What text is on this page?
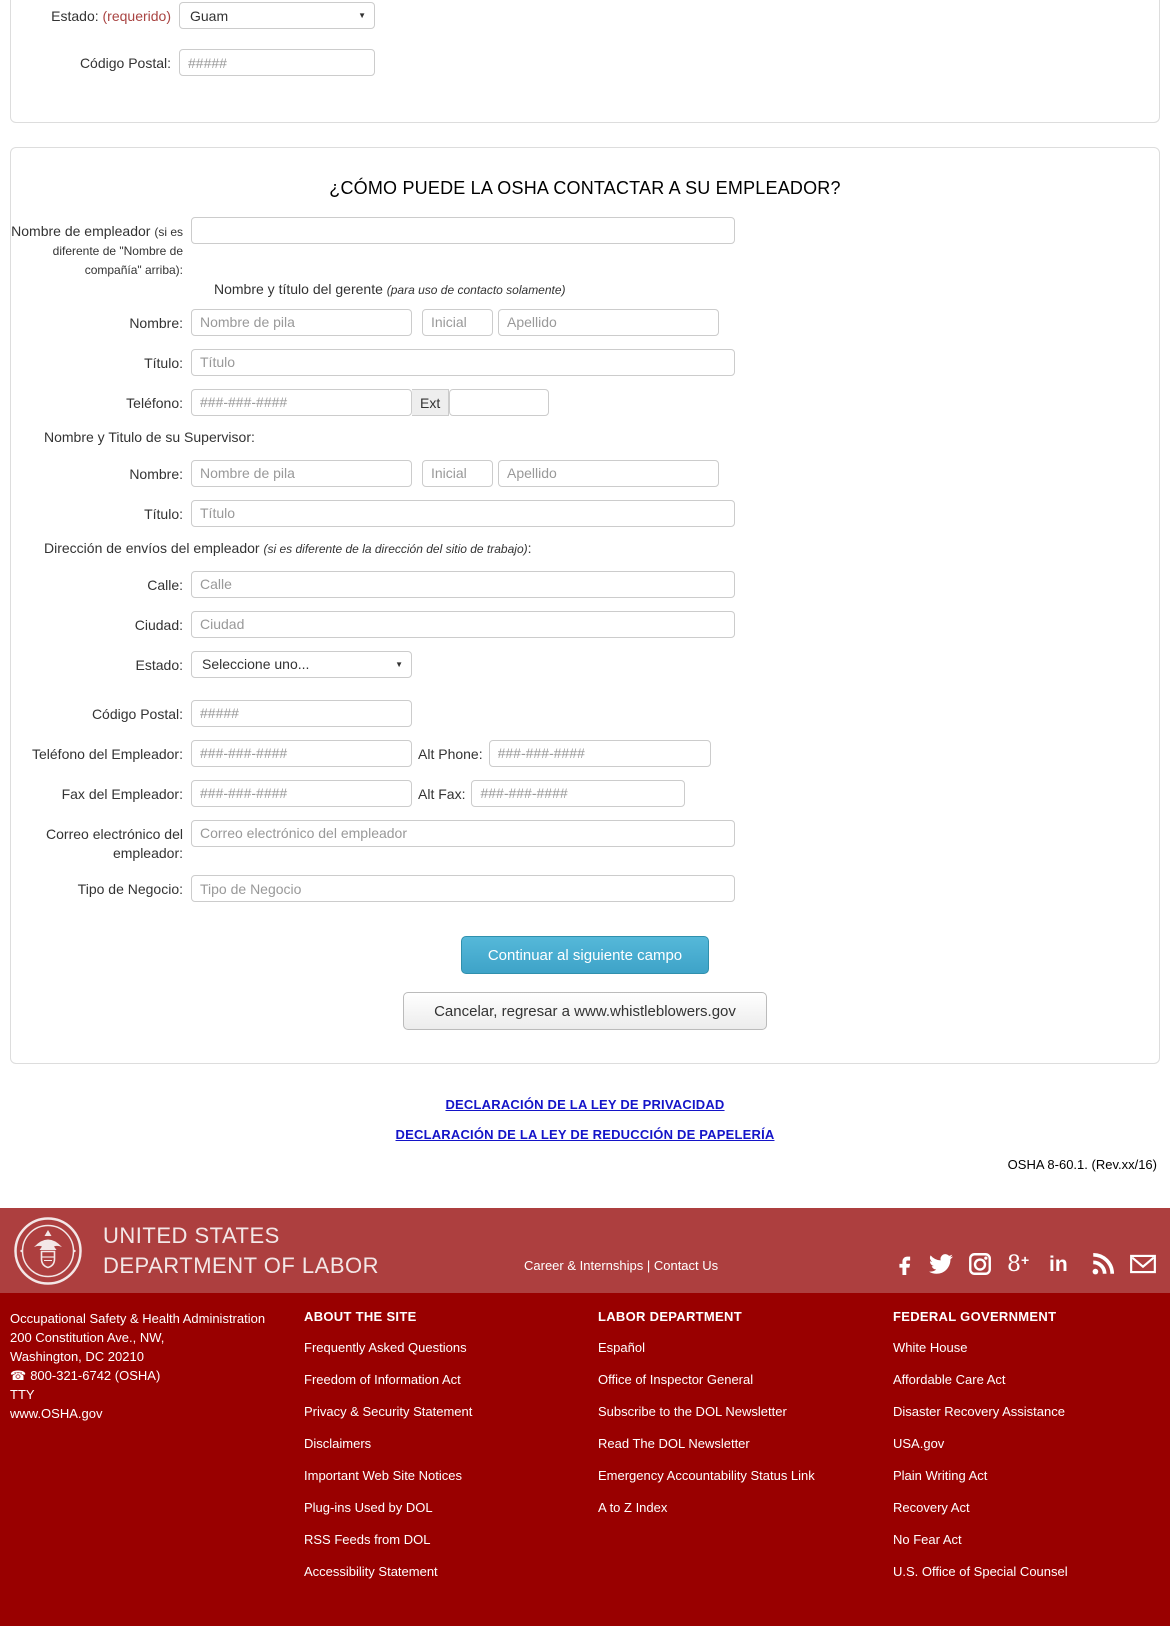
Estado: (requerido) Guam	▼
Código Postal:
#####
¿CÓMO PUEDE LA OSHA CONTACTAR A SU EMPLEADOR?
Nombre de empleador (si es diferente de "Nombre de compañía" arriba):
Nombre y título del gerente (para uso de contacto solamente)
Nombre:
Nombre de pila
Inicial
Apellido
Título:
Título
Teléfono:
###-###-####	Ext
Nombre y Titulo de su Supervisor:
Nombre:
Nombre de pila
Inicial
Apellido
Título:
Título
Dirección de envíos del empleador (si es diferente de la dirección del sitio de trabajo):
Calle:
Calle
Ciudad:
Ciudad
Estado: Seleccione uno...	▼
Código Postal:
#####
Teléfono del Empleador:
###-###-####	Alt Phone:
###-###-####
Fax del Empleador:
###-###-####	Alt Fax:
###-###-####
Correo electrónico del empleador:
Correo electrónico del empleador
Tipo de Negocio:
Tipo de Negocio
Continuar al siguiente campo
Cancelar, regresar a www.whistleblowers.gov
DECLARACIÓN DE LA LEY DE PRIVACIDAD
DECLARACIÓN DE LA LEY DE REDUCCIÓN DE PAPELERÍA
OSHA 8-60.1. (Rev.xx/16)
UNITED STATES
DEPARTMENT OF LABOR	Career & Internships | Contact Us	8 + in
Occupational Safety & Health Administration
200 Constitution Ave., NW,
Washington, DC 20210
☎ 800-321-6742 (OSHA)
TTY
www.OSHA.gov
ABOUT THE SITE
Frequently Asked Questions
Freedom of Information Act
Privacy & Security Statement
Disclaimers
Important Web Site Notices
Plug-ins Used by DOL
RSS Feeds from DOL
Accessibility Statement
LABOR DEPARTMENT
Español
Office of Inspector General
Subscribe to the DOL Newsletter
Read The DOL Newsletter
Emergency Accountability Status Link
A to Z Index
FEDERAL GOVERNMENT
White House
Affordable Care Act
Disaster Recovery Assistance
USA.gov
Plain Writing Act
Recovery Act
No Fear Act
U.S. Office of Special Counsel
